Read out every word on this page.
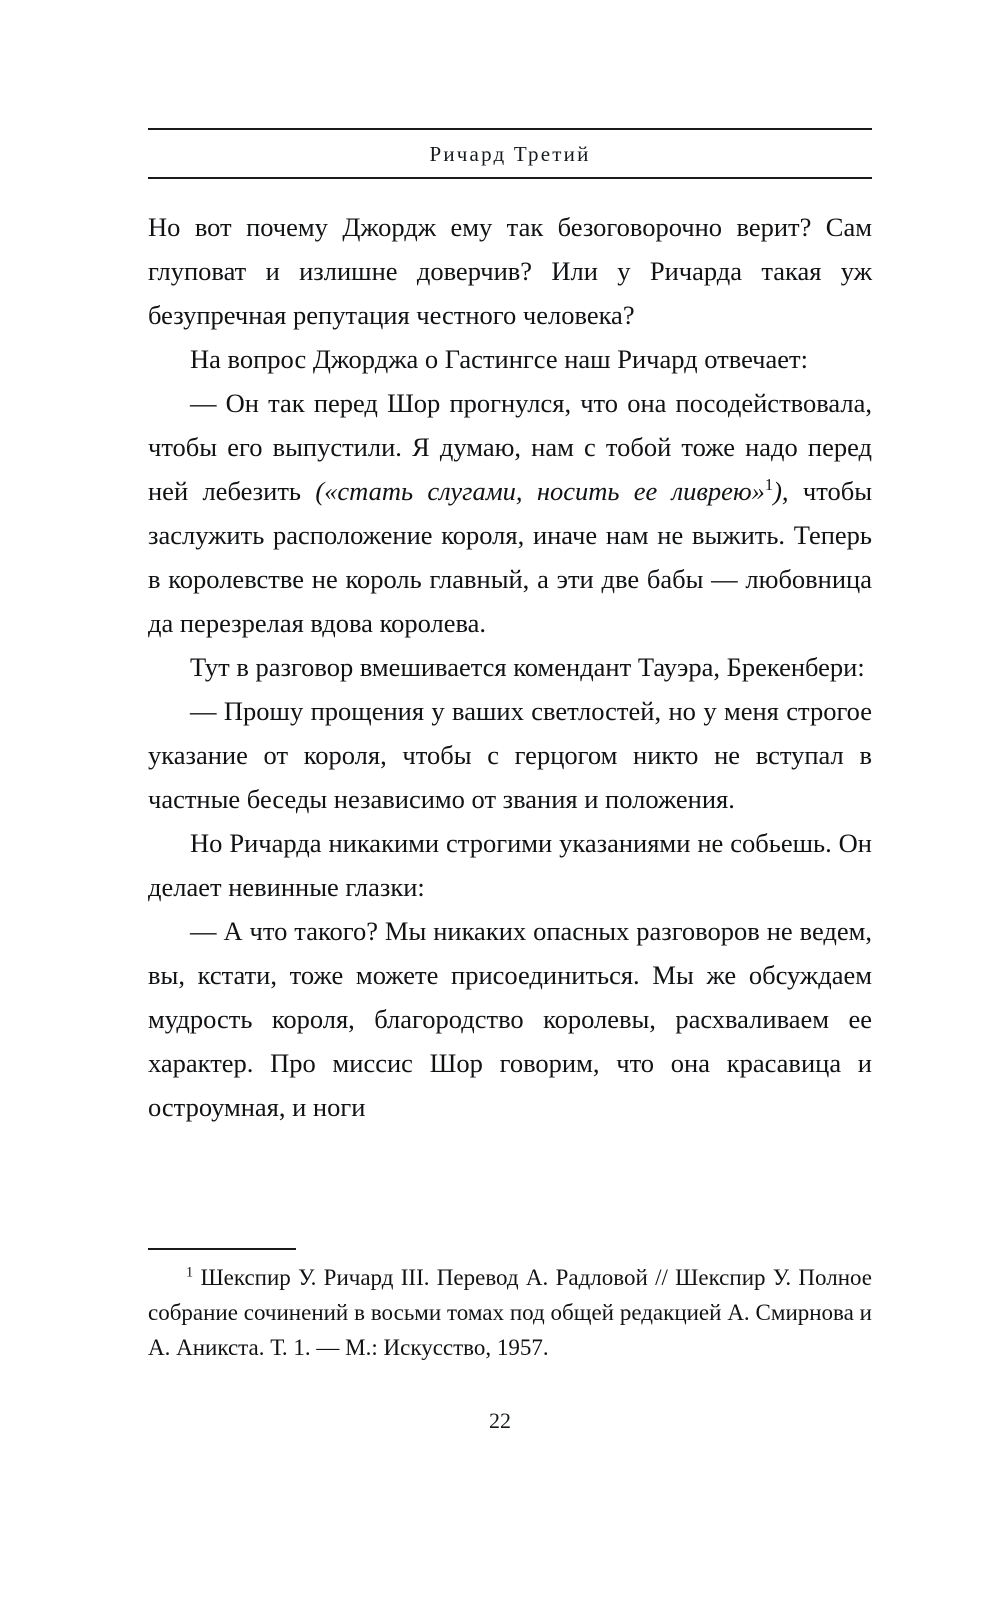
Ричард Третий

Но вот почему Джордж ему так безоговорочно верит? Сам глуповат и излишне доверчив? Или у Ричарда такая уж безупречная репутация честного человека?

На вопрос Джорджа о Гастингсе наш Ричард отвечает:

— Он так перед Шор прогнулся, что она посодействовала, чтобы его выпустили. Я думаю, нам с тобой тоже надо перед ней лебезить («стать слугами, носить ее ливрею»$^1$), чтобы заслужить расположение короля, иначе нам не выжить. Теперь в королевстве не король главный, а эти две бабы — любовница да перезрелая вдова королева.

Тут в разговор вмешивается комендант Тауэра, Брекенбери:

— Прошу прощения у ваших светлостей, но у меня строгое указание от короля, чтобы с герцогом никто не вступал в частные беседы независимо от звания и положения.

Но Ричарда никакими строгими указаниями не собьешь. Он делает невинные глазки:

— А что такого? Мы никаких опасных разговоров не ведем, вы, кстати, тоже можете присоединиться. Мы же обсуждаем мудрость короля, благородство королевы, расхваливаем ее характер. Про миссис Шор говорим, что она красавица и остроумная, и ноги

$^1$ Шекспир У. Ричард III. Перевод А. Радловой // Шекспир У. Полное собрание сочинений в восьми томах под общей редакцией А. Смирнова и А. Аникста. Т. 1. — М.: Искусство, 1957.
22
